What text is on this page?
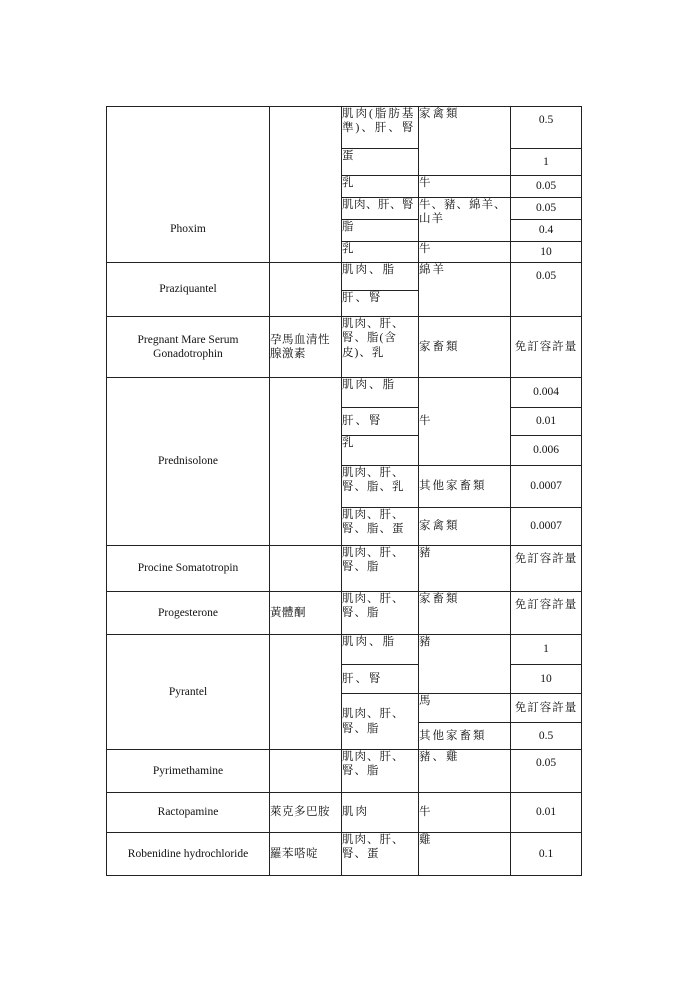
Phoxim		肌肉(脂肪基準)、肝、腎	家禽類	0.5
		蛋		1
		乳	牛	0.05
		肌肉、肝、腎	牛、豬、綿羊、山羊	0.05
		脂		0.4
		乳	牛	10
Praziquantel		肌肉、脂	綿羊	0.05
		肝、腎		
Pregnant Mare Serum Gonadotrophin	孕馬血清性腺激素	肌肉、肝、腎、脂(含皮)、乳	家畜類	免訂容許量
Prednisolone		肌肉、脂	牛	0.004
		肝、腎		0.01
		乳		0.006
		肌肉、肝、腎、脂、乳	其他家畜類	0.0007
		肌肉、肝、腎、脂、蛋	家禽類	0.0007
Procine Somatotropin		肌肉、肝、腎、脂	豬	免訂容許量
Progesterone	黃體酮	肌肉、肝、腎、脂	家畜類	免訂容許量
Pyrantel		肌肉、脂	豬	1
		肝、腎		10
		肌肉、肝、腎、脂	馬	免訂容許量
			其他家畜類	0.5
Pyrimethamine		肌肉、肝、腎、脂	豬、雞	0.05
Ractopamine	萊克多巴胺	肌肉	牛	0.01
Robenidine hydrochloride	羅苯嗒啶	肌肉、肝、腎、蛋	雞	0.1
